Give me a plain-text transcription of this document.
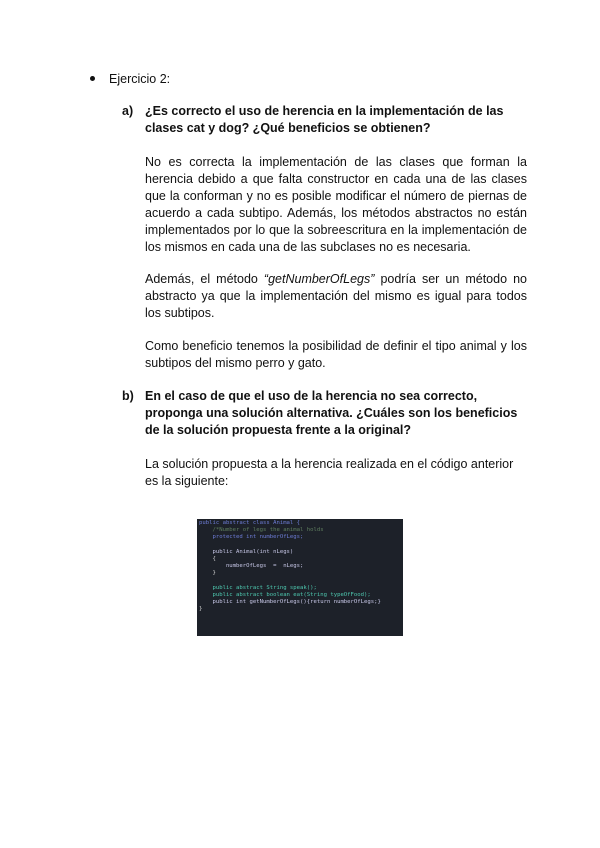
Ejercicio 2:
a) ¿Es correcto el uso de herencia en la implementación de las clases cat y dog? ¿Qué beneficios se obtienen?

No es correcta la implementación de las clases que forman la herencia debido a que falta constructor en cada una de las clases que la conforman y no es posible modificar el número de piernas de acuerdo a cada subtipo. Además, los métodos abstractos no están implementados por lo que la sobreescritura en la implementación de los mismos en cada una de las subclases no es necesaria.

Además, el método “getNumberOfLegs” podría ser un método no abstracto ya que la implementación del mismo es igual para todos los subtipos.

Como beneficio tenemos la posibilidad de definir el tipo animal y los subtipos del mismo perro y gato.

b) En el caso de que el uso de la herencia no sea correcto, proponga una solución alternativa. ¿Cuáles son los beneficios de la solución propuesta frente a la original?

La solución propuesta a la herencia realizada en el código anterior es la siguiente:

public abstract class Animal {
/*Number of legs the animal holds
protected int numberOfLegs;
public Animal(int nLegs)
{
numberOfLegs  =  nLegs;
}
public abstract String speak();
public abstract boolean eat(String typeOfFood);
public int getNumberOfLegs(){return numberOfLegs;}
}
